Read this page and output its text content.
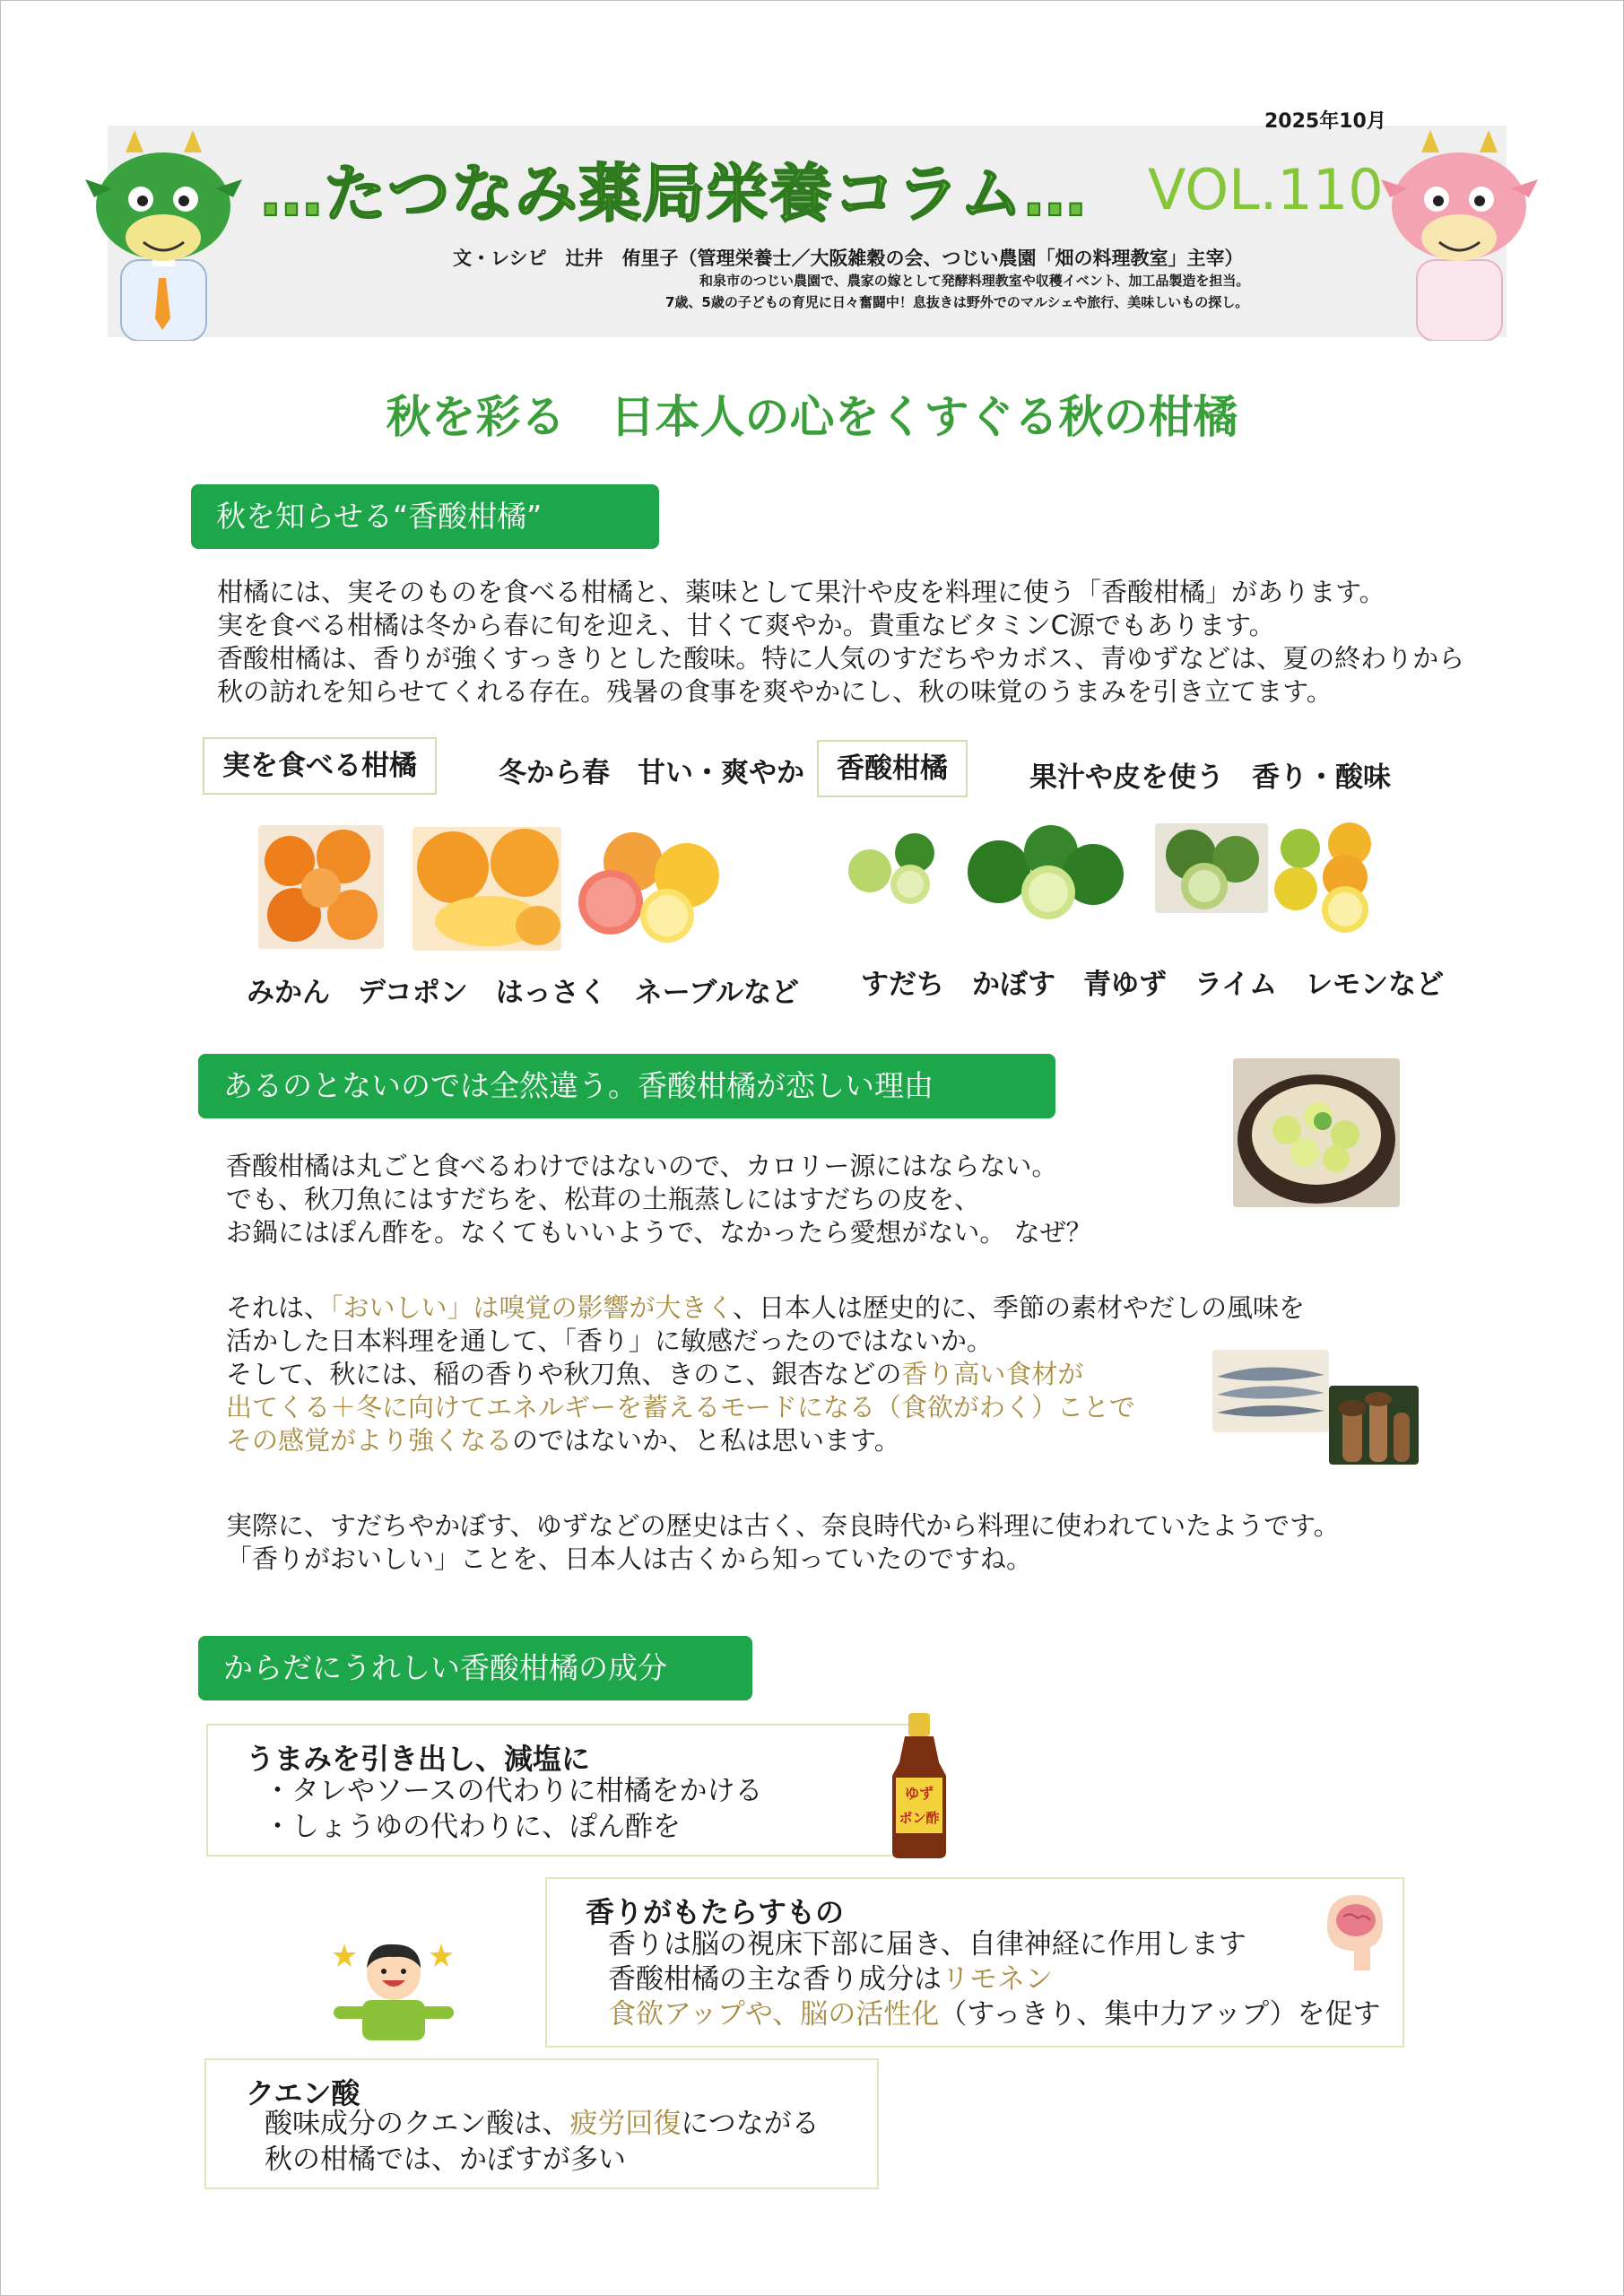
2025年10月
…たつなみ薬局栄養コラム… VOL.110
文・レシピ　辻井　侑里子（管理栄養士／大阪雑穀の会、つじい農園「畑の料理教室」主宰）
和泉市のつじい農園で、農家の嫁として発酵料理教室や収穫イベント、加工品製造を担当。
7歳、5歳の子どもの育児に日々奮闘中！息抜きは野外でのマルシェや旅行、美味しいもの探し。
秋を彩る　日本人の心をくすぐる秋の柑橘
秋を知らせる“香酸柑橘”
柑橘には、実そのものを食べる柑橘と、薬味として果汁や皮を料理に使う「香酸柑橘」があります。
実を食べる柑橘は冬から春に旬を迎え、甘くて爽やか。貴重なビタミンC源でもあります。
香酸柑橘は、香りが強くすっきりとした酸味。特に人気のすだちやカボス、青ゆずなどは、夏の終わりから
秋の訪れを知らせてくれる存在。残暑の食事を爽やかにし、秋の味覚のうまみを引き立てます。
実を食べる柑橘	冬から春　甘い・爽やか	香酸柑橘	果汁や皮を使う　香り・酸味
みかん　デコポン　はっさく　ネーブルなど すだち　かぼす　青ゆず　ライム　レモンなど
あるのとないのでは全然違う。香酸柑橘が恋しい理由
香酸柑橘は丸ごと食べるわけではないので、カロリー源にはならない。
でも、秋刀魚にはすだちを、松茸の土瓶蒸しにはすだちの皮を、
お鍋にはぽん酢を。なくてもいいようで、なかったら愛想がない。 なぜ？
それは、「おいしい」は嗅覚の影響が大きく、日本人は歴史的に、季節の素材やだしの風味を
活かした日本料理を通して、「香り」に敏感だったのではないか。
そして、秋には、稲の香りや秋刀魚、きのこ、銀杏などの香り高い食材が
出てくる＋冬に向けてエネルギーを蓄えるモードになる（食欲がわく）ことで
その感覚がより強くなるのではないか、と私は思います。
実際に、すだちやかぼす、ゆずなどの歴史は古く、奈良時代から料理に使われていたようです。
「香りがおいしい」ことを、日本人は古くから知っていたのですね。
からだにうれしい香酸柑橘の成分
うまみを引き出し、減塩に
・タレやソースの代わりに柑橘をかける
・しょうゆの代わりに、ぽん酢を
ゆず
ポン酢
香りがもたらすもの
香りは脳の視床下部に届き、自律神経に作用します
香酸柑橘の主な香り成分はリモネン
食欲アップや、脳の活性化（すっきり、集中力アップ）を促す
クエン酸
酸味成分のクエン酸は、疲労回復につながる
秋の柑橘では、かぼすが多い
